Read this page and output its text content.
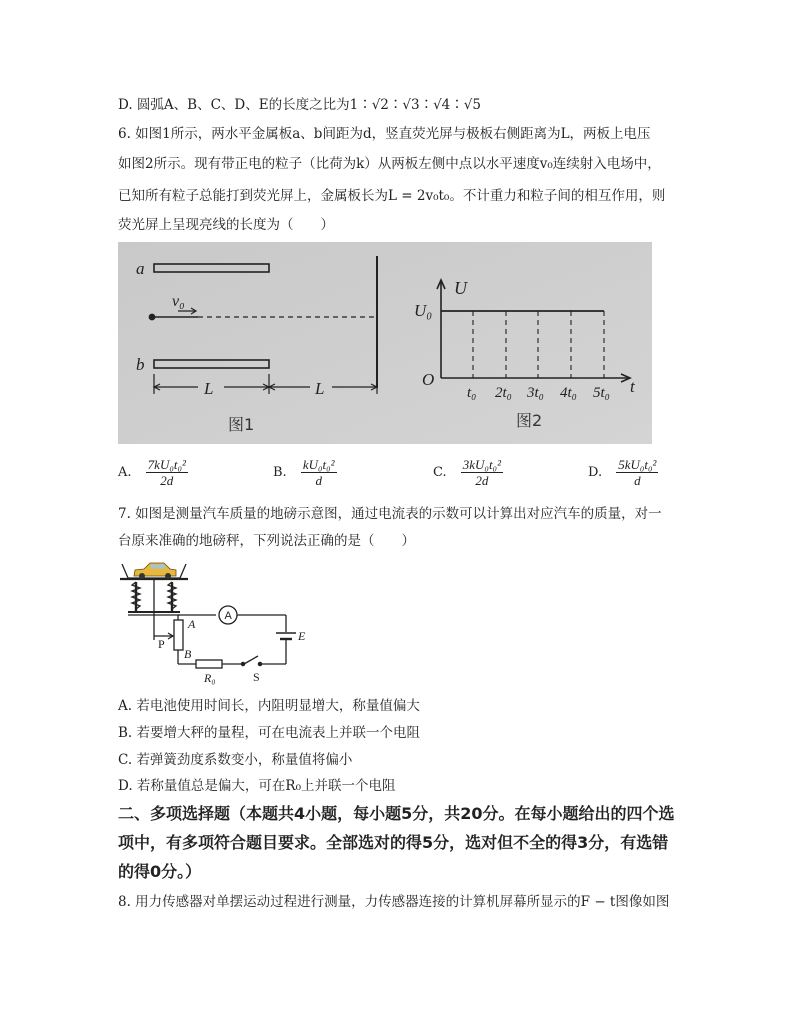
D. 圆弧A、B、C、D、E的长度之比为1∶√2∶√3∶√4∶√5
6. 如图1所示，两水平金属板a、b间距为d，竖直荧光屏与极板右侧距离为L，两板上电压
如图2所示。现有带正电的粒子（比荷为k）从两板左侧中点以水平速度v₀连续射入电场中，
已知所有粒子总能打到荧光屏上，金属板长为L = 2v₀t₀。不计重力和粒子间的相互作用，则
荧光屏上呈现亮线的长度为（　　）
a
b
v₀
L	L
图1
U
U₀
O	t
t₀ 2t₀ 3t₀ 4t₀ 5t₀
图2
A. $\frac{\text{7kU₀t₀²}}{2d}$	B. $\frac{\text{kU₀t₀²}}{d}$	C. $\frac{\text{3kU₀t₀²}}{2d}$	D. $\frac{\text{5kU₀t₀²}}{d}$
7. 如图是测量汽车质量的地磅示意图，通过电流表的示数可以计算出对应汽车的质量，对一
台原来准确的地磅秤，下列说法正确的是（　　）
A
A
B
P
E
R₀	S
A. 若电池使用时间长，内阻明显增大，称量值偏大
B. 若要增大秤的量程，可在电流表上并联一个电阻
C. 若弹簧劲度系数变小，称量值将偏小
D. 若称量值总是偏大，可在R₀上并联一个电阻
二、多项选择题（本题共4小题，每小题5分，共20分。在每小题给出的四个选
项中，有多项符合题目要求。全部选对的得5分，选对但不全的得3分，有选错
的得0分。）
8. 用力传感器对单摆运动过程进行测量，力传感器连接的计算机屏幕所显示的F − t图像如图
